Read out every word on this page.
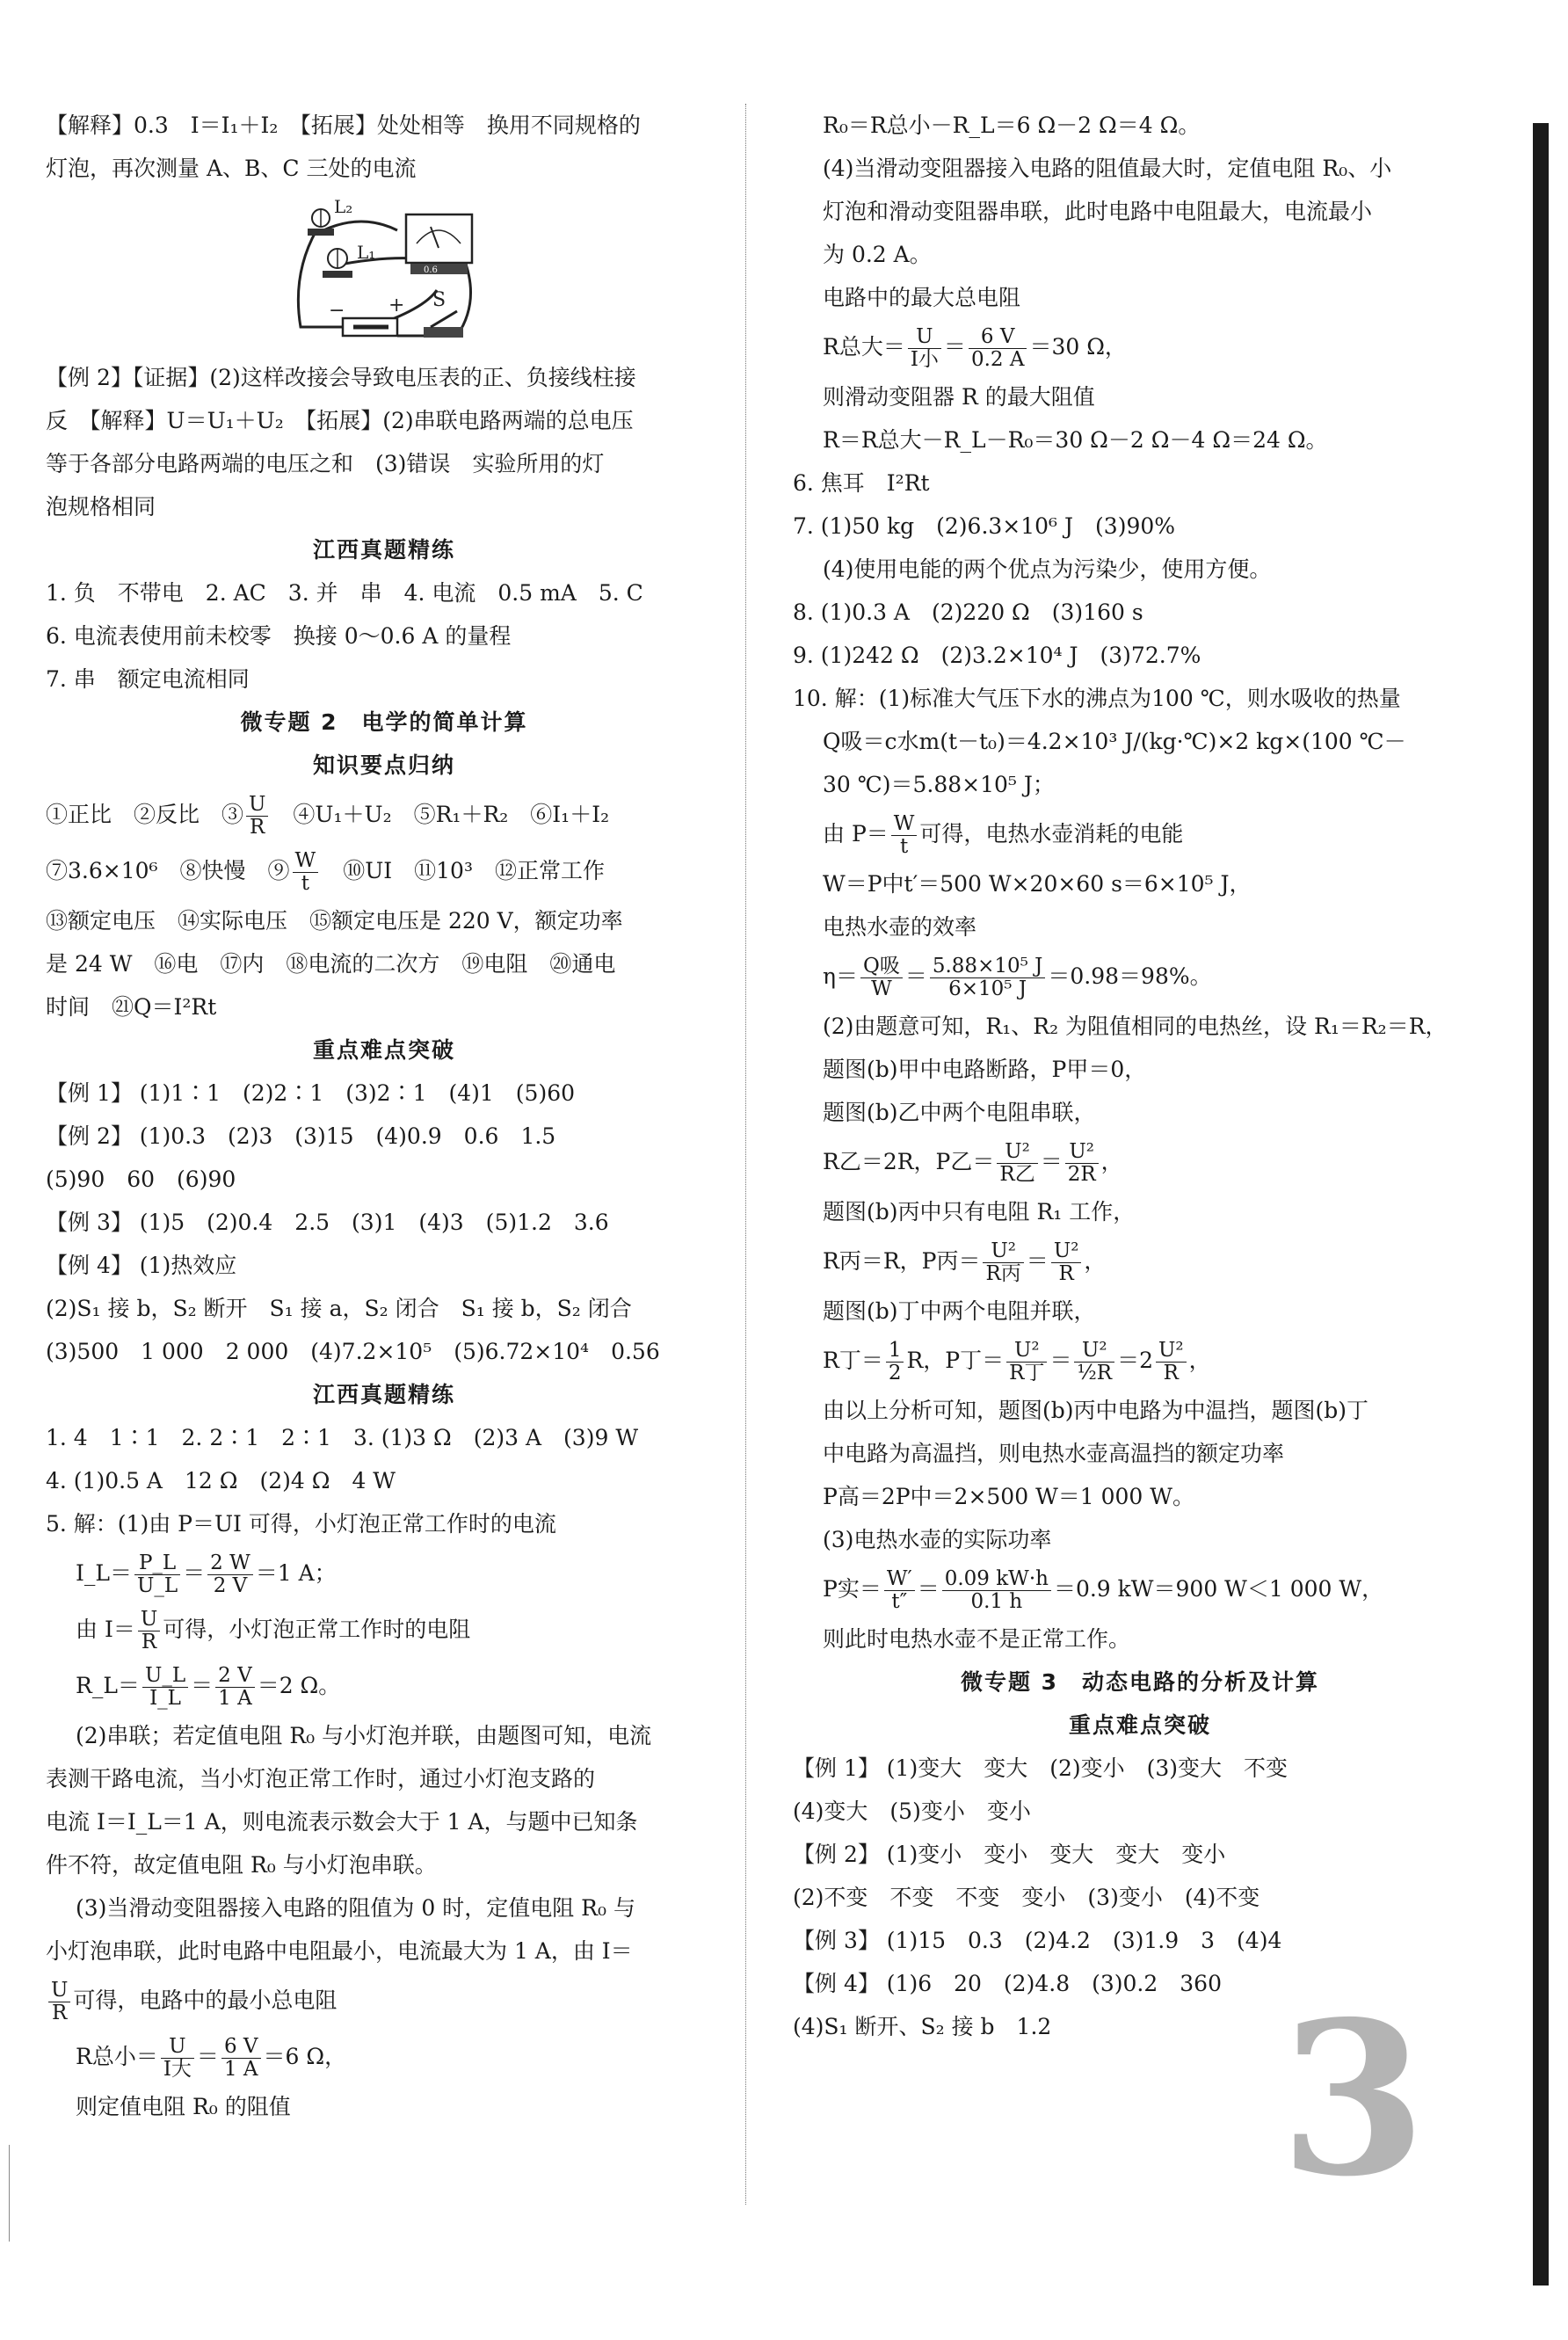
3

【解释】0.3　I＝I₁＋I₂　【拓展】处处相等　换用不同规格的

灯泡，再次测量 A、B、C 三处的电流

L₂
L₁
0.6
− + S

【例 2】【证据】(2)这样改接会导致电压表的正、负接线柱接

反　【解释】U＝U₁＋U₂　【拓展】(2)串联电路两端的总电压

等于各部分电路两端的电压之和　(3)错误　实验所用的灯

泡规格相同

江西真题精练

1. 负　不带电　2. AC　3. 并　串　4. 电流　0.5 mA　5. C

6. 电流表使用前未校零　换接 0～0.6 A 的量程

7. 串　额定电流相同

微专题 2　电学的简单计算

知识要点归纳

①正比　②反比　③ $\frac{U}{R}$
　 ④U₁＋U₂　⑤R₁＋R₂　⑥I₁＋I₂

⑦3.6×10⁶　⑧快慢　⑨ $\frac{W}{t}$
　 ⑩UI　⑪10³　⑫正常工作

⑬额定电压　⑭实际电压　⑮额定电压是 220 V，额定功率

是 24 W　⑯电　⑰内　⑱电流的二次方　⑲电阻　⑳通电

时间　㉑Q＝I²Rt

重点难点突破

【例 1】 (1)1∶1　(2)2∶1　(3)2∶1　(4)1　(5)60

【例 2】 (1)0.3　(2)3　(3)15　(4)0.9　0.6　1.5

(5)90　60　(6)90

【例 3】 (1)5　(2)0.4　2.5　(3)1　(4)3　(5)1.2　3.6

【例 4】 (1)热效应

(2)S₁ 接 b，S₂ 断开　S₁ 接 a，S₂ 闭合　S₁ 接 b，S₂ 闭合

(3)500　1 000　2 000　(4)7.2×10⁵　(5)6.72×10⁴　0.56

江西真题精练

1. 4　1∶1　2. 2∶1　2∶1　3. (1)3 Ω　(2)3 A　(3)9 W

4. (1)0.5 A　12 Ω　(2)4 Ω　4 W

5. 解：(1)由 P＝UI 可得，小灯泡正常工作时的电流

I_L＝ $\frac{P\_L}{U\_L} = \frac{2 W}{2 V} =1$ A；

由 $I= \frac{U}{R}$ 可得，小灯泡正常工作时的电阻

R_L＝ $\frac{U\_L}{I\_L} = \frac{2 V}{1 A} =2$ Ω。

(2)串联；若定值电阻 R₀ 与小灯泡并联，由题图可知，电流

表测干路电流，当小灯泡正常工作时，通过小灯泡支路的

电流 I＝I_L＝1 A，则电流表示数会大于 1 A，与题中已知条

件不符，故定值电阻 R₀ 与小灯泡串联。

(3)当滑动变阻器接入电路的阻值为 0 时，定值电阻 R₀ 与

小灯泡串联，此时电路中电阻最小，电流最大为 1 A，由 I＝

$\frac{U}{R}$ 可得，电路中的最小总电阻

R总小＝ $\frac{U}{\text{I大}} = \frac{6 V}{1 A} =6$ Ω，

则定值电阻 R₀ 的阻值

R₀＝R总小－R_L＝6 Ω－2 Ω＝4 Ω。

(4)当滑动变阻器接入电路的阻值最大时，定值电阻 R₀、小

灯泡和滑动变阻器串联，此时电路中电阻最大，电流最小

为 0.2 A。

电路中的最大总电阻

R总大＝ $\frac{U}{\text{I小}} = \frac{6 V}{0.2 A} =30$ Ω，

则滑动变阻器 R 的最大阻值

R＝R总大－R_L－R₀＝30 Ω－2 Ω－4 Ω＝24 Ω。

6. 焦耳　I²Rt

7. (1)50 kg　(2)6.3×10⁶ J　(3)90%

(4)使用电能的两个优点为污染少，使用方便。

8. (1)0.3 A　(2)220 Ω　(3)160 s

9. (1)242 Ω　(2)3.2×10⁴ J　(3)72.7%

10. 解：(1)标准大气压下水的沸点为100 ℃，则水吸收的热量

Q吸＝c水m(t－t₀)＝4.2×10³ J/(kg·℃)×2 kg×(100 ℃－

30 ℃)＝5.88×10⁵ J；

由 $P= \frac{W}{t}$ 可得，电热水壶消耗的电能

W＝P中t′＝500 W×20×60 s＝6×10⁵ J，

电热水壶的效率

$\eta= \frac{\text{Q吸}}{W} = \frac{\text{5.88×10⁵ J}}{\text{6×10⁵ J}} =0.98=98\%$。

(2)由题意可知，R₁、R₂ 为阻值相同的电热丝，设 R₁＝R₂＝R，

题图(b)甲中电路断路，P甲＝0，

题图(b)乙中两个电阻串联，

R乙＝2R，P乙＝ $\frac{\text{U²}}{\text{R乙}} = \frac{\text{U²}}{2R}$ ，

题图(b)丙中只有电阻 R₁ 工作，

R丙＝R，P丙＝ $\frac{\text{U²}}{\text{R丙}} = \frac{\text{U²}}{R}$ ，

题图(b)丁中两个电阻并联，

R丁＝ $\frac{1}{2}$ R，P丁＝ $\frac{\text{U²}}{\text{R丁}} = \frac{\text{U²}}{\text{½R}} =2 \frac{\text{U²}}{R}$ ，

由以上分析可知，题图(b)丙中电路为中温挡，题图(b)丁

中电路为高温挡，则电热水壶高温挡的额定功率

P高＝2P中＝2×500 W＝1 000 W。

(3)电热水壶的实际功率

P实＝ $\frac{W'}{t''} = \frac{0.09 kW\cdot h}{0.1 h} =0.9$ kW＝900 W＜1 000 W，

则此时电热水壶不是正常工作。

微专题 3　动态电路的分析及计算

重点难点突破

【例 1】 (1)变大　变大　(2)变小　(3)变大　不变

(4)变大　(5)变小　变小

【例 2】 (1)变小　变小　变大　变大　变小

(2)不变　不变　不变　变小　(3)变小　(4)不变

【例 3】 (1)15　0.3　(2)4.2　(3)1.9　3　(4)4

【例 4】 (1)6　20　(2)4.8　(3)0.2　360

(4)S₁ 断开、S₂ 接 b　1.2
